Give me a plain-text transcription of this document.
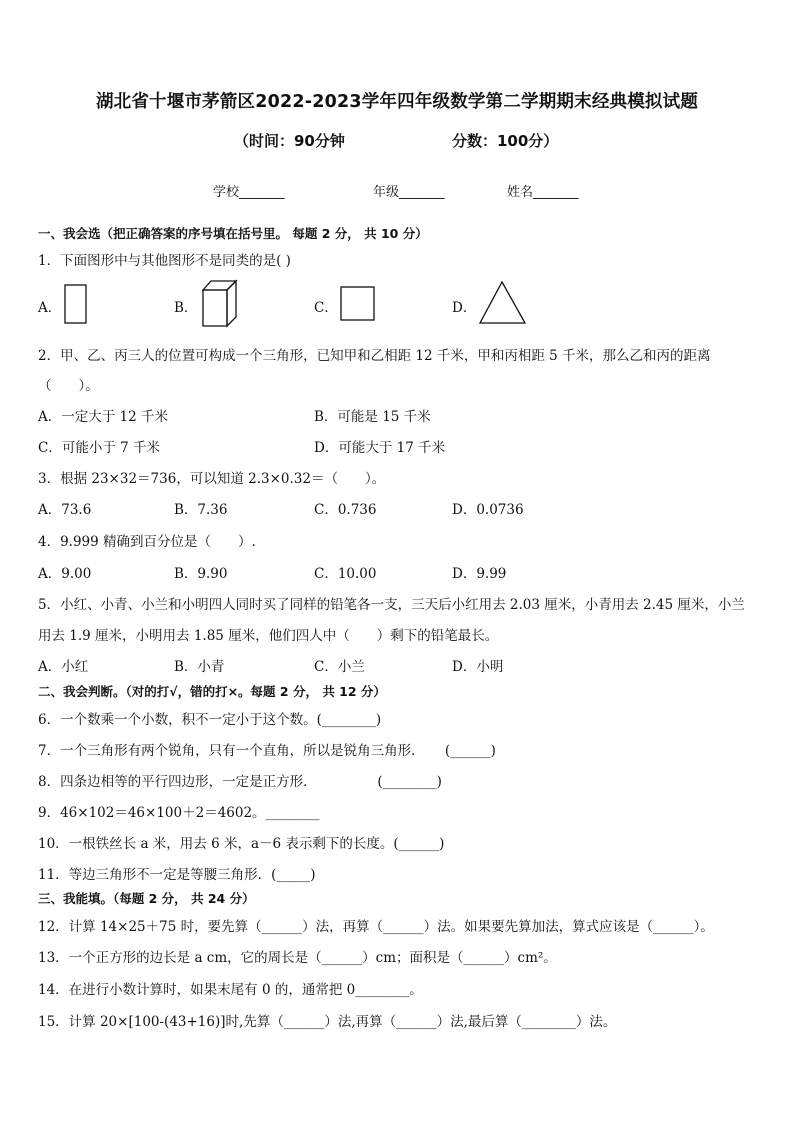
湖北省十堰市茅箭区2022-2023学年四年级数学第二学期期末经典模拟试题
（时间：90分钟	分数：100分）
学校_______	年级_______	姓名_______
一、我会选（把正确答案的序号填在括号里。 每题 2 分， 共 10 分）
1．下面图形中与其他图形不是同类的是( )
A．	B．	C．	D．
2．甲、乙、丙三人的位置可构成一个三角形，已知甲和乙相距 12 千米，甲和丙相距 5 千米，那么乙和丙的距离
（　　）。
A．一定大于 12 千米	B．可能是 15 千米
C．可能小于 7 千米	D．可能大于 17 千米
3．根据 23×32＝736，可以知道 2.3×0.32＝（　　）。
A．73.6	B．7.36	C．0.736	D．0.0736
4．9.999 精确到百分位是（　　）.
A．9.00	B．9.90	C．10.00	D．9.99
5．小红、小青、小兰和小明四人同时买了同样的铅笔各一支，三天后小红用去 2.03 厘米，小青用去 2.45 厘米，小兰
用去 1.9 厘米，小明用去 1.85 厘米，他们四人中（　　）剩下的铅笔最长。
A．小红	B．小青	C．小兰	D．小明
二、我会判断。（对的打√，错的打×。每题 2 分， 共 12 分）
6．一个数乘一个小数，积不一定小于这个数。(________)
7．一个三角形有两个锐角，只有一个直角，所以是锐角三角形．　　(______)
8．四条边相等的平行四边形，一定是正方形．　　　　　(________)
9．46×102＝46×100＋2＝4602。________
10．一根铁丝长 a 米，用去 6 米，a－6 表示剩下的长度。(______)
11．等边三角形不一定是等腰三角形．(_____)
三、我能填。（每题 2 分， 共 24 分）
12．计算 14×25＋75 时，要先算（______）法，再算（______）法。如果要先算加法，算式应该是（______）。
13．一个正方形的边长是 a cm，它的周长是（______）cm；面积是（______）cm²。
14．在进行小数计算时，如果末尾有 0 的，通常把 0________。
15．计算 20×[100-(43+16)]时,先算（______）法,再算（______）法,最后算（________）法。
